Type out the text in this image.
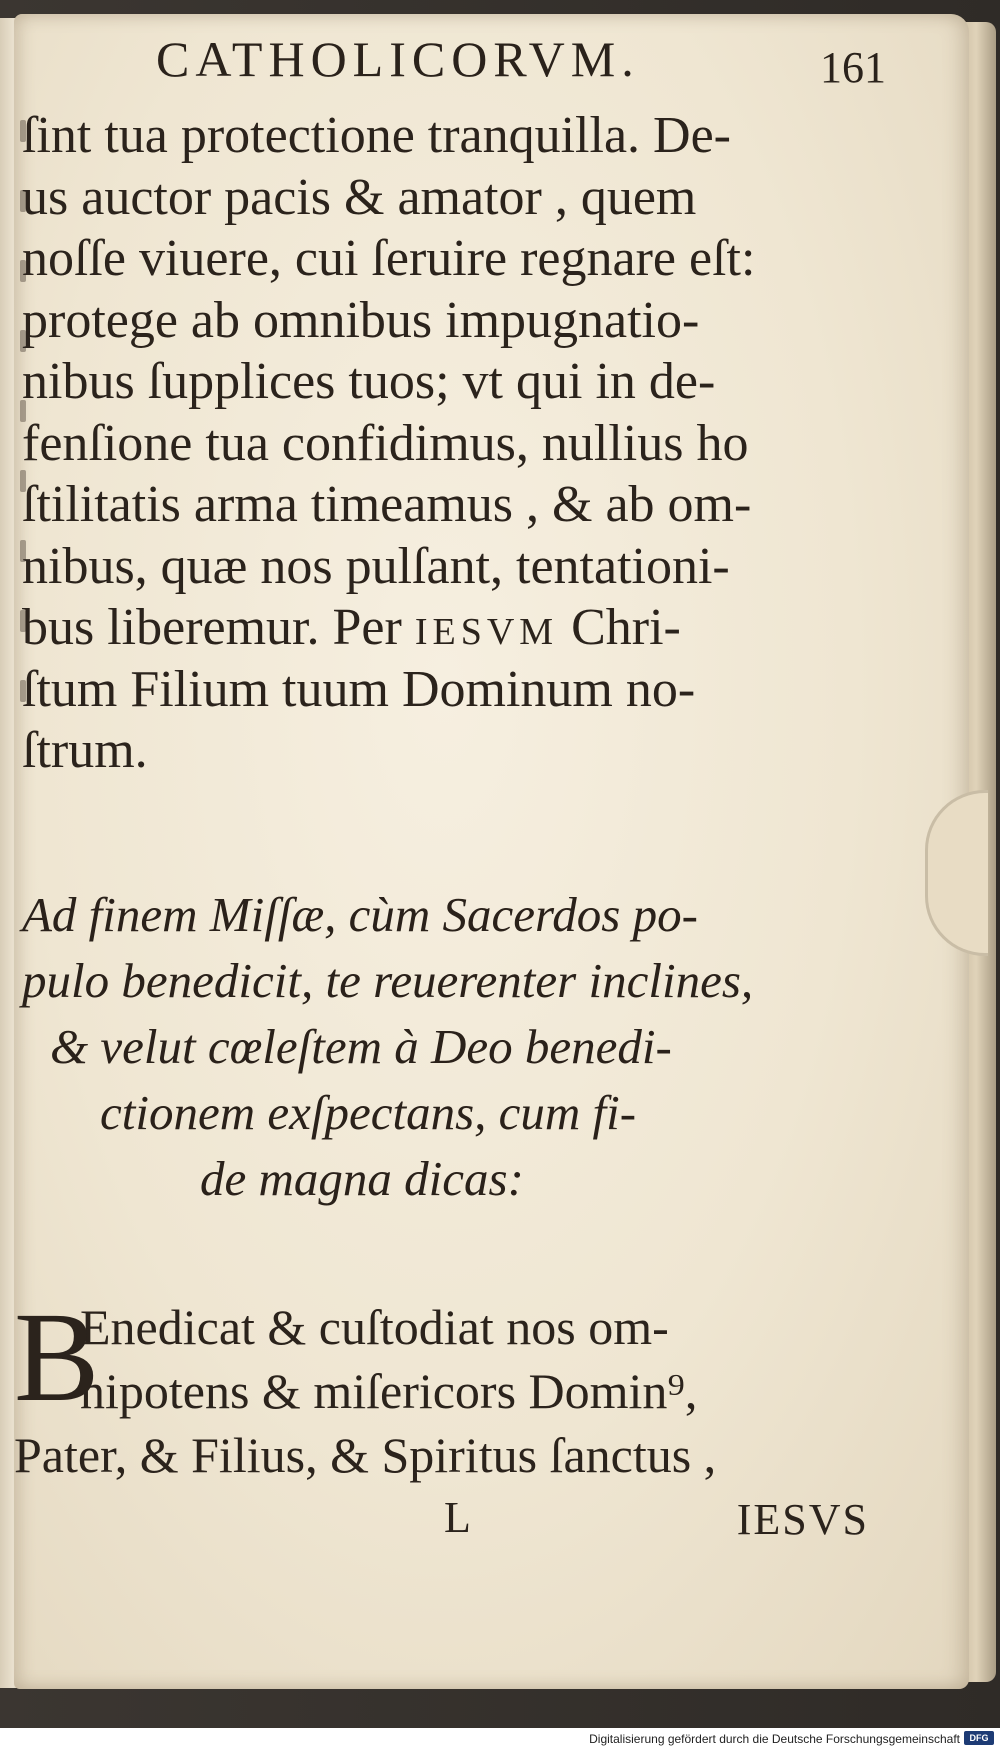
CATHOLICORVM.	161
ſint tua protectione tranquilla. De-
us auctor pacis & amator , quem
noſſe viuere, cui ſeruire regnare eſt:
protege ab omnibus impugnatio-
nibus ſupplices tuos; vt qui in de-
fenſione tua confidimus, nullius ho
ſtilitatis arma timeamus , & ab om-
nibus, quæ nos pulſant, tentationi-
bus liberemur. Per IESVM Chri-
ſtum Filium tuum Dominum no-
ſtrum.
Ad finem Miſſæ, cùm Sacerdos po-
pulo benedicit, te reuerenter inclines,
& velut cœleſtem à Deo benedi-
ctionem exſpectans, cum fi-
de magna dicas:
B
Enedicat & cuſtodiat nos om-
nipotens & miſericors Domin⁹,
Pater, & Filius, & Spiritus ſanctus ,
L	IESVS
Digitalisierung gefördert durch die Deutsche Forschungsgemeinschaft	DFG
